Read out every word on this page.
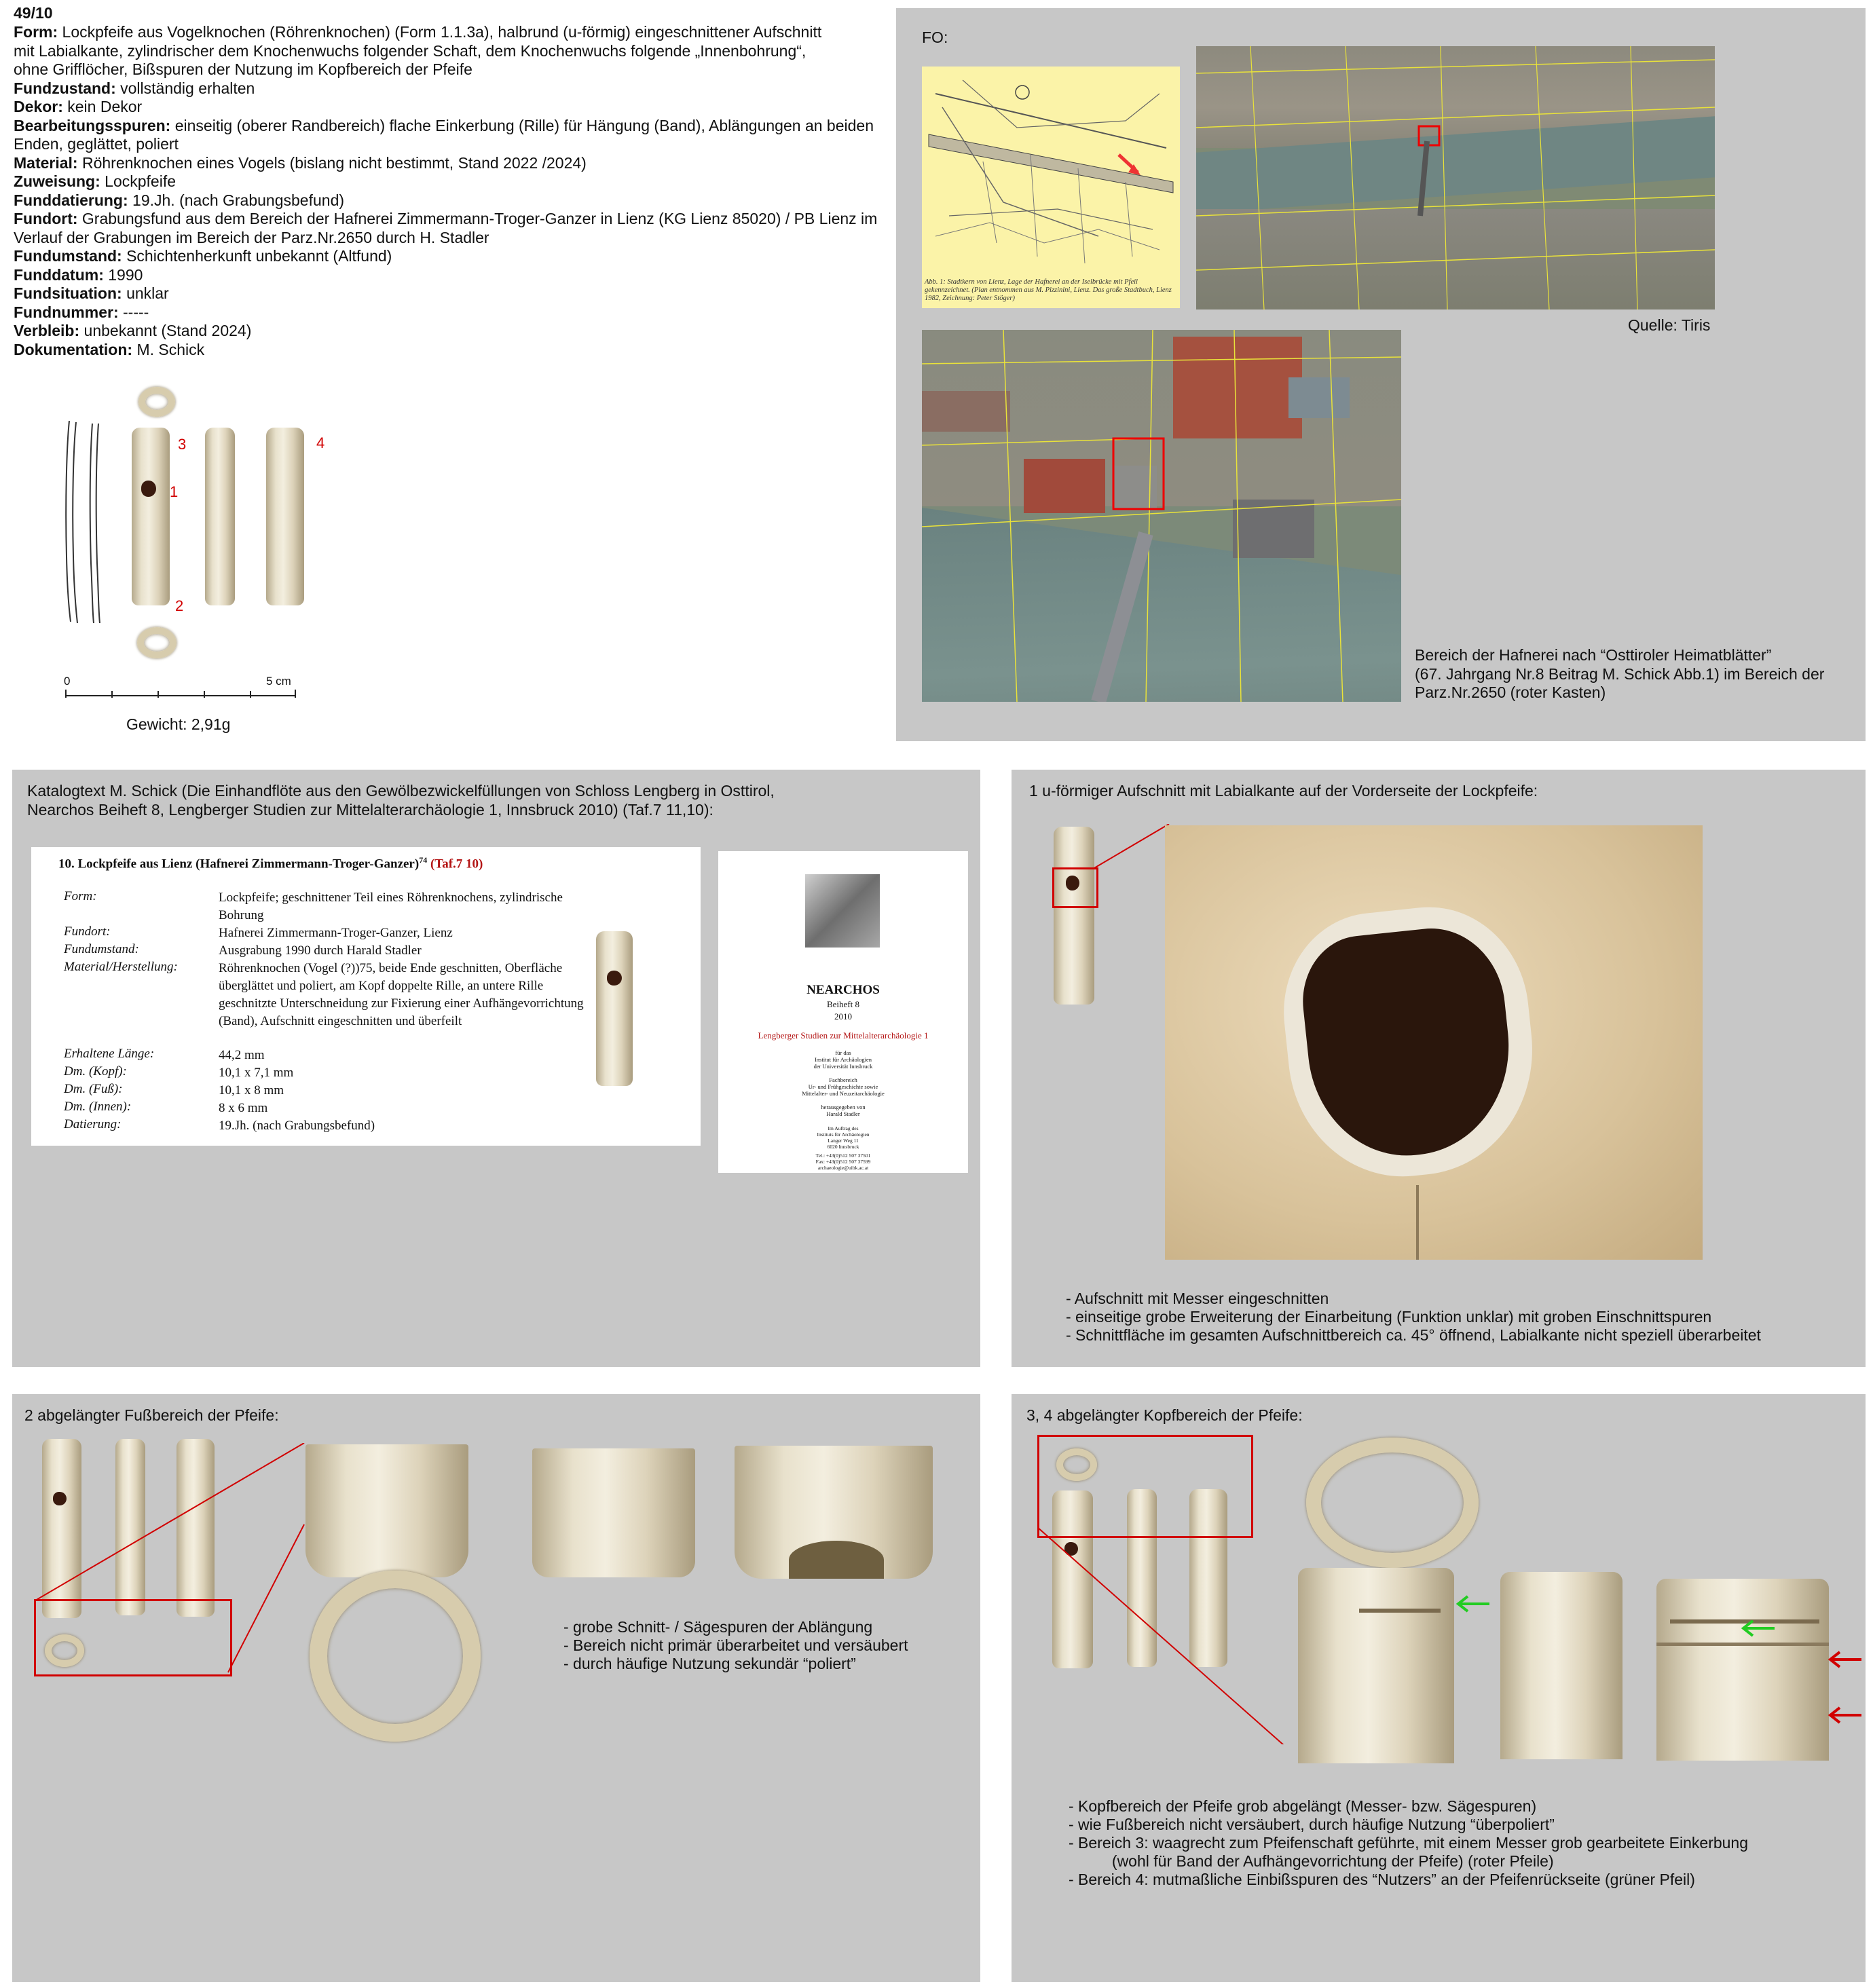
49/10
Form: Lockpfeife aus Vogelknochen (Röhrenknochen) (Form 1.1.3a), halbrund (u-förmig) eingeschnittener Aufschnitt
mit Labialkante, zylindrischer dem Knochenwuchs folgender Schaft, dem Knochenwuchs folgende „Innenbohrung“,
ohne Grifflöcher, Bißspuren der Nutzung im Kopfbereich der Pfeife
Fundzustand: vollständig erhalten
Dekor: kein Dekor
Bearbeitungsspuren: einseitig (oberer Randbereich) flache Einkerbung (Rille) für Hängung (Band), Ablängungen an beiden
Enden, geglättet, poliert
Material: Röhrenknochen eines Vogels (bislang nicht bestimmt, Stand 2022 /2024)
Zuweisung: Lockpfeife
Funddatierung: 19.Jh. (nach Grabungsbefund)
Fundort: Grabungsfund aus dem Bereich der Hafnerei Zimmermann-Troger-Ganzer in Lienz (KG Lienz 85020) / PB Lienz im
Verlauf der Grabungen im Bereich der Parz.Nr.2650 durch H. Stadler
Fundumstand: Schichtenherkunft unbekannt (Altfund)
Funddatum: 1990
Fundsituation: unklar
Fundnummer: -----
Verbleib: unbekannt (Stand 2024)
Dokumentation: M. Schick
3
1
2
4
0	5 cm
Gewicht: 2,91g
FO:
Abb. 1: Stadtkern von Lienz, Lage der Hafnerei an der Iselbrücke mit Pfeil gekennzeichnet. (Plan entnommen aus M. Pizzinini, Lienz. Das große Stadtbuch, Lienz 1982, Zeichnung: Peter Stöger)
Quelle: Tiris
Bereich der Hafnerei nach “Osttiroler Heimatblätter”
(67. Jahrgang Nr.8 Beitrag M. Schick Abb.1) im Bereich der
Parz.Nr.2650 (roter Kasten)
Katalogtext M. Schick (Die Einhandflöte aus den Gewölbezwickelfüllungen von Schloss Lengberg in Osttirol,
Nearchos Beiheft 8, Lengberger Studien zur Mittelalterarchäologie 1, Innsbruck 2010) (Taf.7 11,10):
10. Lockpfeife aus Lienz (Hafnerei Zimmermann-Troger-Ganzer)$^{74}$ (Taf.7 10)
Form:	Lockpfeife; geschnittener Teil eines Röhrenknochens, zylindrische Bohrung
Fundort:	Hafnerei Zimmermann-Troger-Ganzer, Lienz
Fundumstand:	Ausgrabung 1990 durch Harald Stadler
Material/Herstellung:	Röhrenknochen (Vogel (?))75, beide Ende geschnitten, Oberfläche überglättet und poliert, am Kopf doppelte Rille, an untere Rille geschnitzte Unterschneidung zur Fixierung einer Aufhängevorrichtung (Band), Aufschnitt eingeschnitten und überfeilt
Erhaltene Länge:	44,2 mm
Dm. (Kopf):	10,1 x 7,1 mm
Dm. (Fuß):	10,1 x 8 mm
Dm. (Innen):	8 x 6 mm
Datierung:	19.Jh. (nach Grabungsbefund)
NEARCHOS
Beiheft 8
2010
Lengberger Studien zur Mittelalterarchäologie 1
für das
Institut für Archäologien
der Universität Innsbruck
Fachbereich
Ur- und Frühgeschichte sowie
Mittelalter- und Neuzeitarchäologie
herausgegeben von
Harald Stadler
Im Auftrag des
Instituts für Archäologien
Langer Weg 11
6020 Innsbruck
Tel.: +43(0)512 507 37501
Fax: +43(0)512 507 37599
archaeologie@uibk.ac.at
1 u-förmiger Aufschnitt mit Labialkante auf der Vorderseite der Lockpfeife:
- Aufschnitt mit Messer eingeschnitten
- einseitige grobe Erweiterung der Einarbeitung (Funktion unklar) mit groben Einschnittspuren
- Schnittfläche im gesamten Aufschnittbereich ca. 45° öffnend, Labialkante nicht speziell überarbeitet
2 abgelängter Fußbereich der Pfeife:
- grobe Schnitt- / Sägespuren der Ablängung
- Bereich nicht primär überarbeitet und versäubert
- durch häufige Nutzung sekundär “poliert”
3, 4 abgelängter Kopfbereich der Pfeife:
- Kopfbereich der Pfeife grob abgelängt (Messer- bzw. Sägespuren)
- wie Fußbereich nicht versäubert, durch häufige Nutzung “überpoliert”
- Bereich 3: waagrecht zum Pfeifenschaft geführte, mit einem Messer grob gearbeitete Einkerbung
(wohl für Band der Aufhängevorrichtung der Pfeife) (roter Pfeile)
- Bereich 4: mutmaßliche Einbißspuren des “Nutzers” an der Pfeifenrückseite (grüner Pfeil)
